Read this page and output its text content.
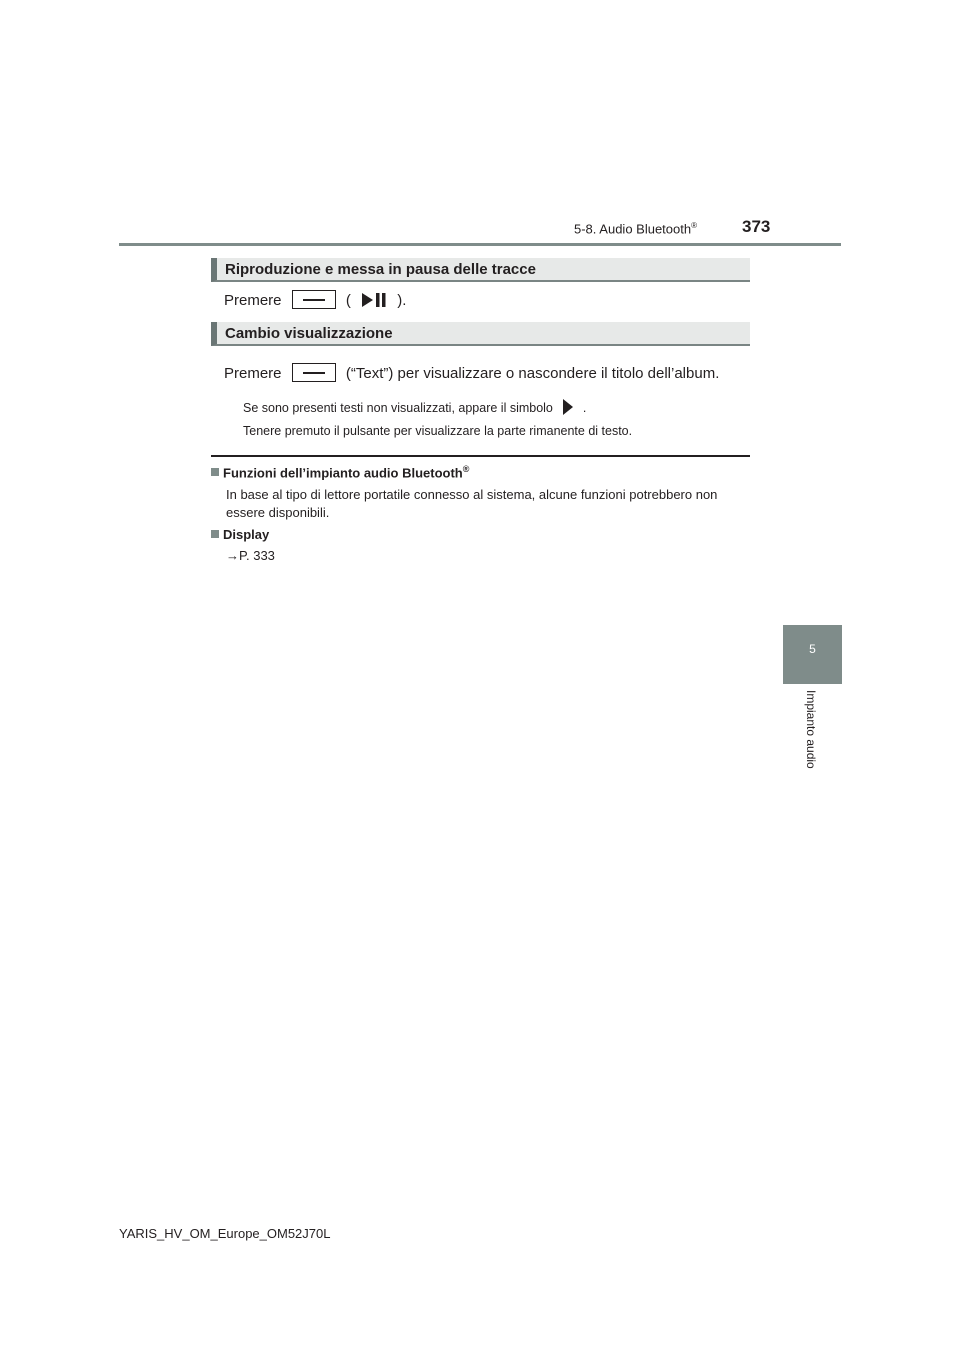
5-8. Audio Bluetooth®	373
Riproduzione e messa in pausa delle tracce
Premere	(	).
Cambio visualizzazione
Premere	(“Text”) per visualizzare o nascondere il titolo dell’album.
Se sono presenti testi non visualizzati, appare il simbolo .
Tenere premuto il pulsante per visualizzare la parte rimanente di testo.
Funzioni dell’impianto audio Bluetooth®
In base al tipo di lettore portatile connesso al sistema, alcune funzioni potrebbero non
essere disponibili.
Display
→P. 333
5
Impianto audio
YARIS_HV_OM_Europe_OM52J70L
